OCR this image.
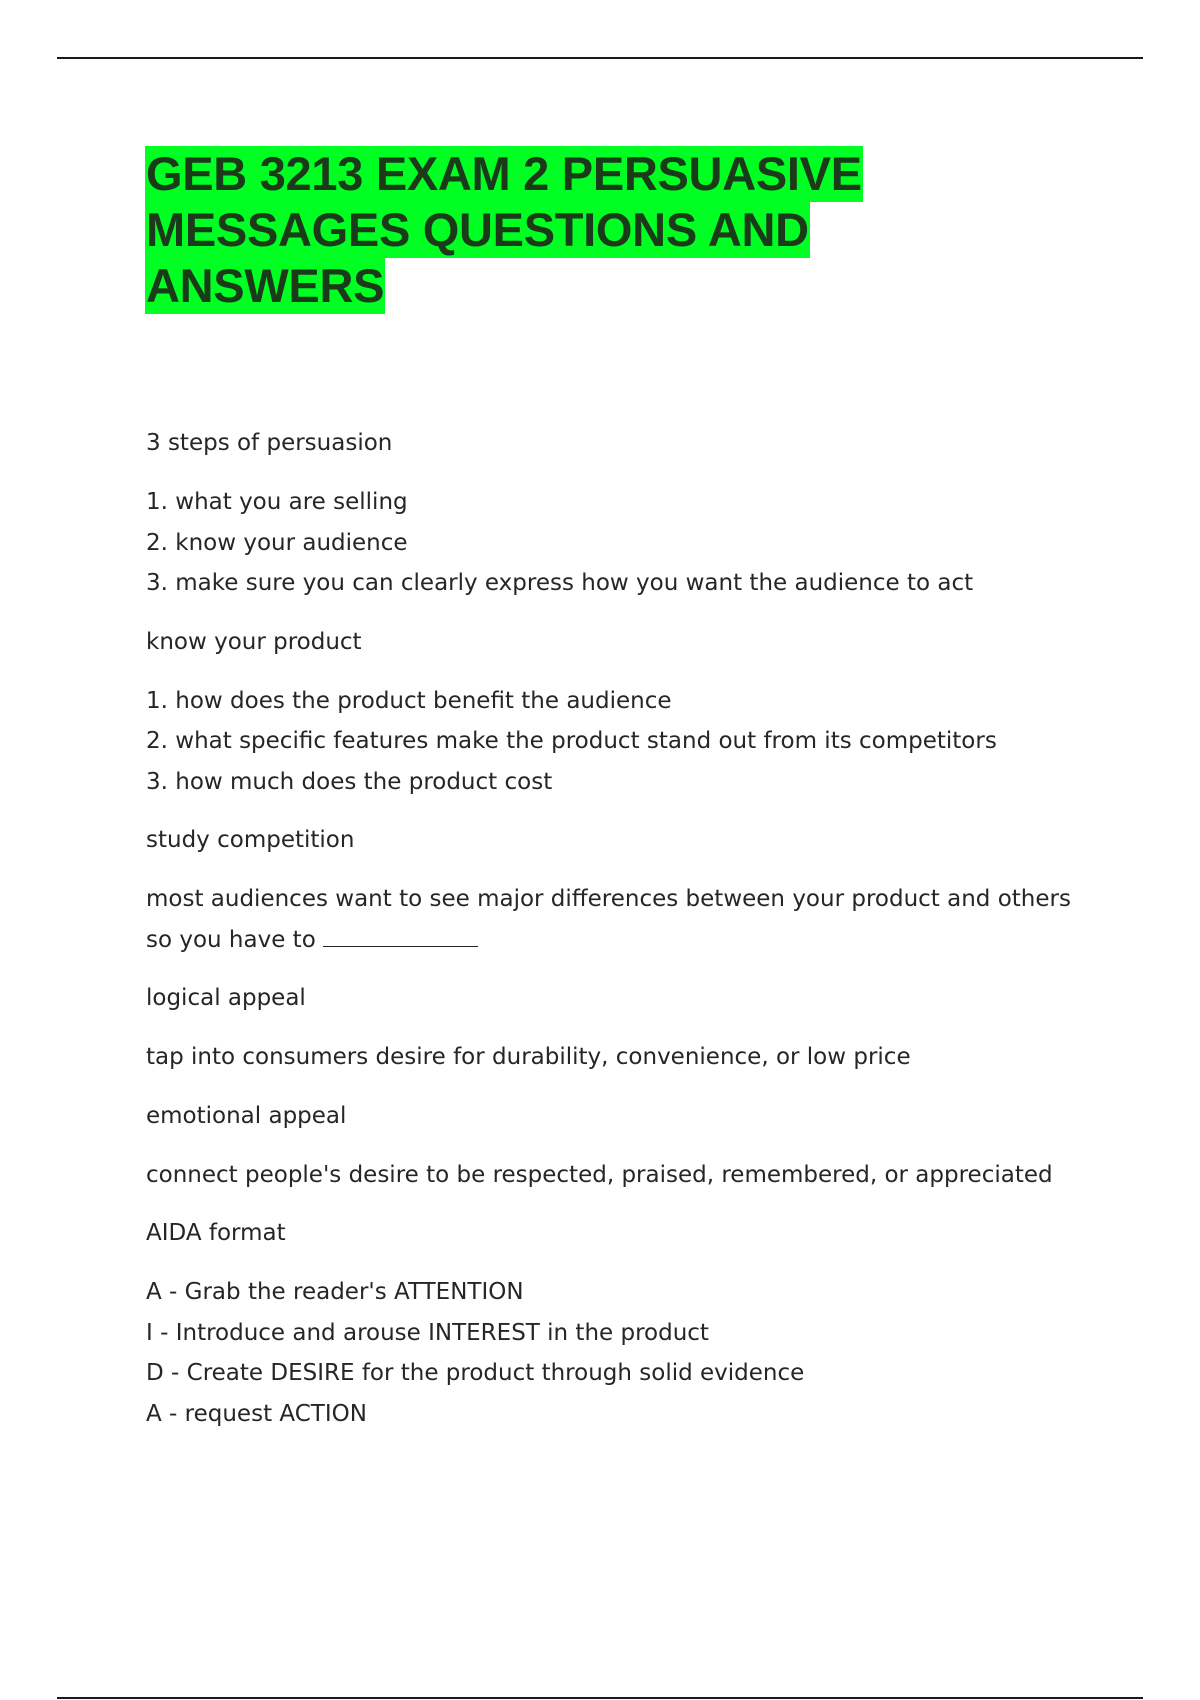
GEB 3213 EXAM 2 PERSUASIVE MESSAGES QUESTIONS AND ANSWERS

3 steps of persuasion

1. what you are selling
2. know your audience
3. make sure you can clearly express how you want the audience to act

know your product

1. how does the product benefit the audience
2. what specific features make the product stand out from its competitors
3. how much does the product cost

study competition

most audiences want to see major differences between your product and others
so you have to

logical appeal

tap into consumers desire for durability, convenience, or low price

emotional appeal

connect people's desire to be respected, praised, remembered, or appreciated

AIDA format

A - Grab the reader's ATTENTION
I - Introduce and arouse INTEREST in the product
D - Create DESIRE for the product through solid evidence
A - request ACTION
